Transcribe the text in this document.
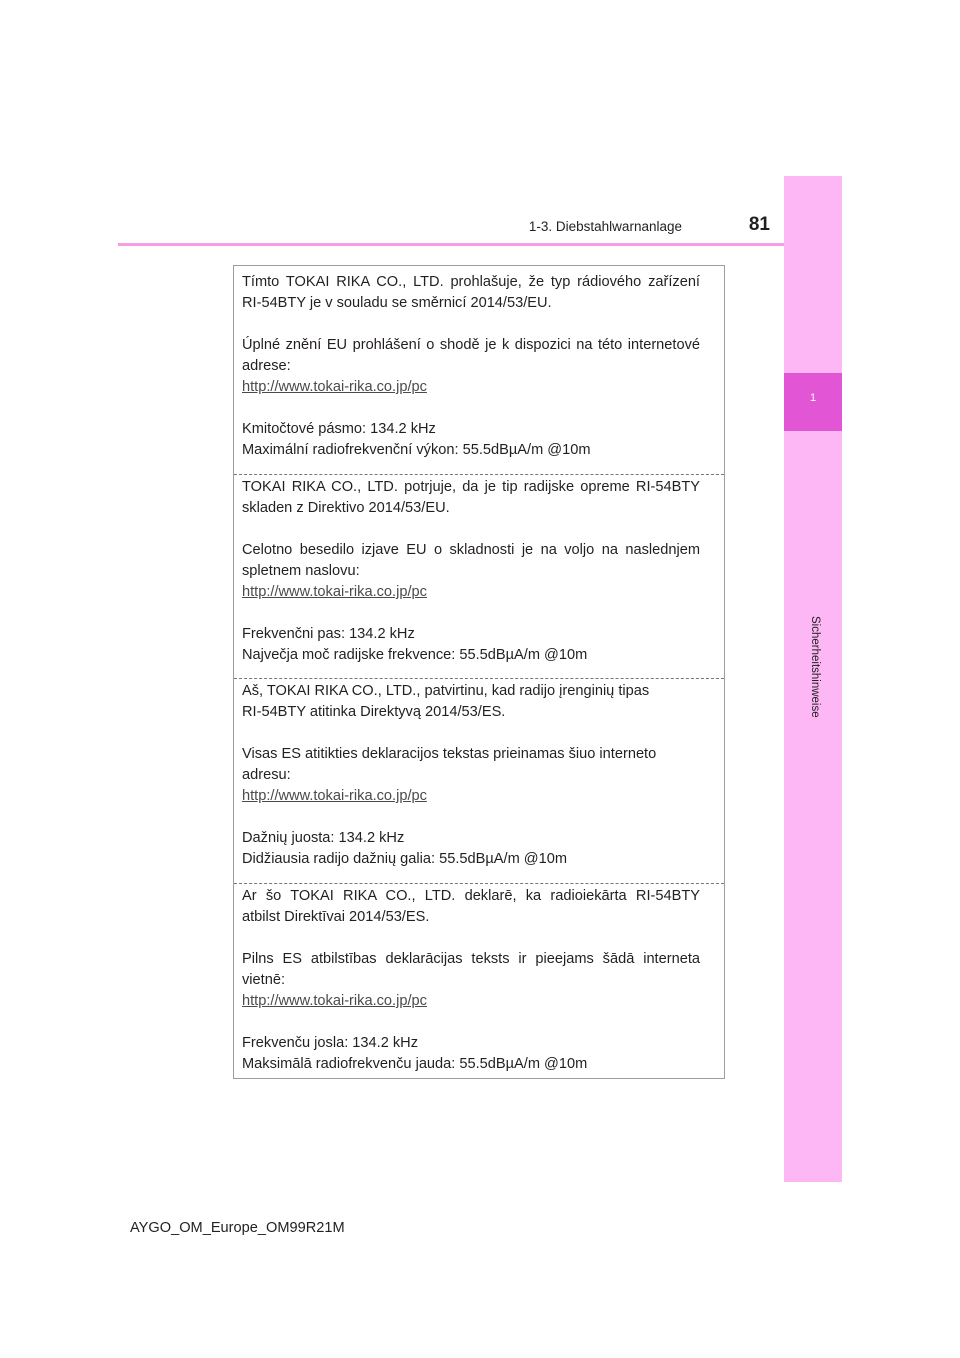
1-3. Diebstahlwarnanlage	81
1
Sicherheitshinweise

Tímto TOKAI RIKA CO., LTD. prohlašuje, že typ rádiového zařízení

RI-54BTY je v souladu se směrnicí 2014/53/EU.

Úplné znění EU prohlášení o shodě je k dispozici na této internetové

adrese:

http://www.tokai-rika.co.jp/pc

Kmitočtové pásmo: 134.2 kHz

Maximální radiofrekvenční výkon: 55.5dBµA/m @10m

TOKAI RIKA CO., LTD. potrjuje, da je tip radijske opreme RI-54BTY

skladen z Direktivo 2014/53/EU.

Celotno besedilo izjave EU o skladnosti je na voljo na naslednjem

spletnem naslovu:

http://www.tokai-rika.co.jp/pc

Frekvenčni pas: 134.2 kHz

Največja moč radijske frekvence: 55.5dBµA/m @10m

Aš, TOKAI RIKA CO., LTD., patvirtinu, kad radijo įrenginių tipas

RI-54BTY atitinka Direktyvą 2014/53/ES.

Visas ES atitikties deklaracijos tekstas prieinamas šiuo interneto

adresu:

http://www.tokai-rika.co.jp/pc

Dažnių juosta: 134.2 kHz

Didžiausia radijo dažnių galia: 55.5dBµA/m @10m

Ar šo TOKAI RIKA CO., LTD. deklarē, ka radioiekārta RI-54BTY

atbilst Direktīvai 2014/53/ES.

Pilns ES atbilstības deklarācijas teksts ir pieejams šādā interneta

vietnē:

http://www.tokai-rika.co.jp/pc

Frekvenču josla: 134.2 kHz

Maksimālā radiofrekvenču jauda: 55.5dBµA/m @10m

AYGO_OM_Europe_OM99R21M
